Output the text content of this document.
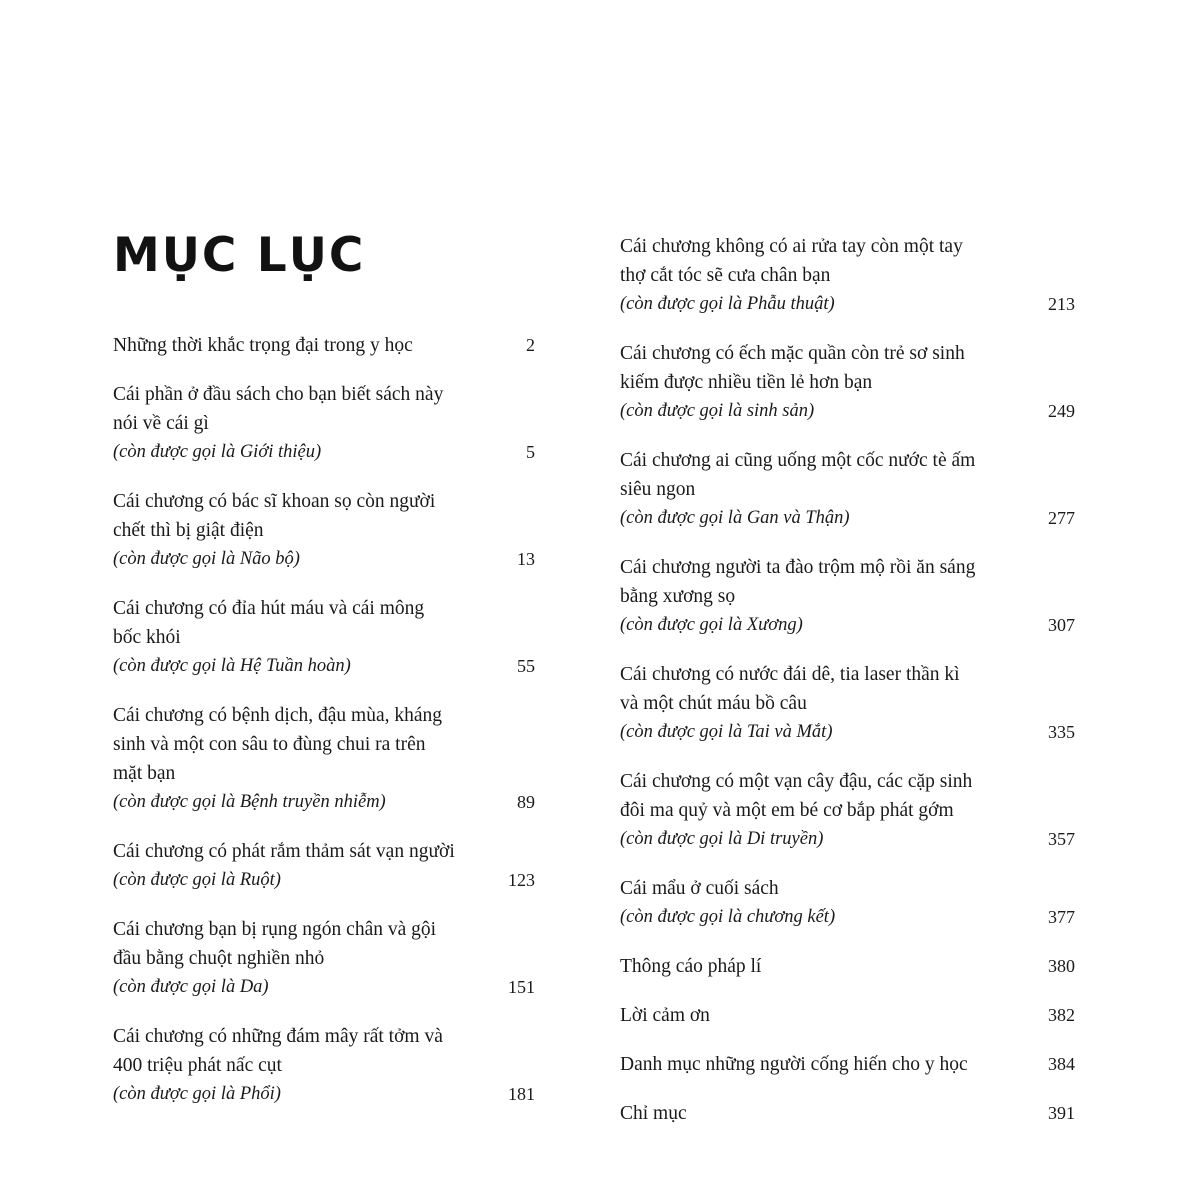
MỤC LỤC
Những thời khắc trọng đại trong y học	2
Cái phần ở đầu sách cho bạn biết sách này
nói về cái gì
(còn được gọi là Giới thiệu)	5
Cái chương có bác sĩ khoan sọ còn người
chết thì bị giật điện
(còn được gọi là Não bộ)	13
Cái chương có đỉa hút máu và cái mông
bốc khói
(còn được gọi là Hệ Tuần hoàn)	55
Cái chương có bệnh dịch, đậu mùa, kháng
sinh và một con sâu to đùng chui ra trên
mặt bạn
(còn được gọi là Bệnh truyền nhiễm)	89
Cái chương có phát rắm thảm sát vạn người
(còn được gọi là Ruột)	123
Cái chương bạn bị rụng ngón chân và gội
đầu bằng chuột nghiền nhỏ
(còn được gọi là Da)	151
Cái chương có những đám mây rất tởm và
400 triệu phát nấc cụt
(còn được gọi là Phổi)	181
Cái chương không có ai rửa tay còn một tay
thợ cắt tóc sẽ cưa chân bạn
(còn được gọi là Phẫu thuật)	213
Cái chương có ếch mặc quần còn trẻ sơ sinh
kiếm được nhiều tiền lẻ hơn bạn
(còn được gọi là sinh sản)	249
Cái chương ai cũng uống một cốc nước tè ấm
siêu ngon
(còn được gọi là Gan và Thận)	277
Cái chương người ta đào trộm mộ rồi ăn sáng
bằng xương sọ
(còn được gọi là Xương)	307
Cái chương có nước đái dê, tia laser thần kì
và một chút máu bồ câu
(còn được gọi là Tai và Mắt)	335
Cái chương có một vạn cây đậu, các cặp sinh
đôi ma quỷ và một em bé cơ bắp phát gớm
(còn được gọi là Di truyền)	357
Cái mẩu ở cuối sách
(còn được gọi là chương kết)	377
Thông cáo pháp lí	380
Lời cảm ơn	382
Danh mục những người cống hiến cho y học	384
Chỉ mục	391
